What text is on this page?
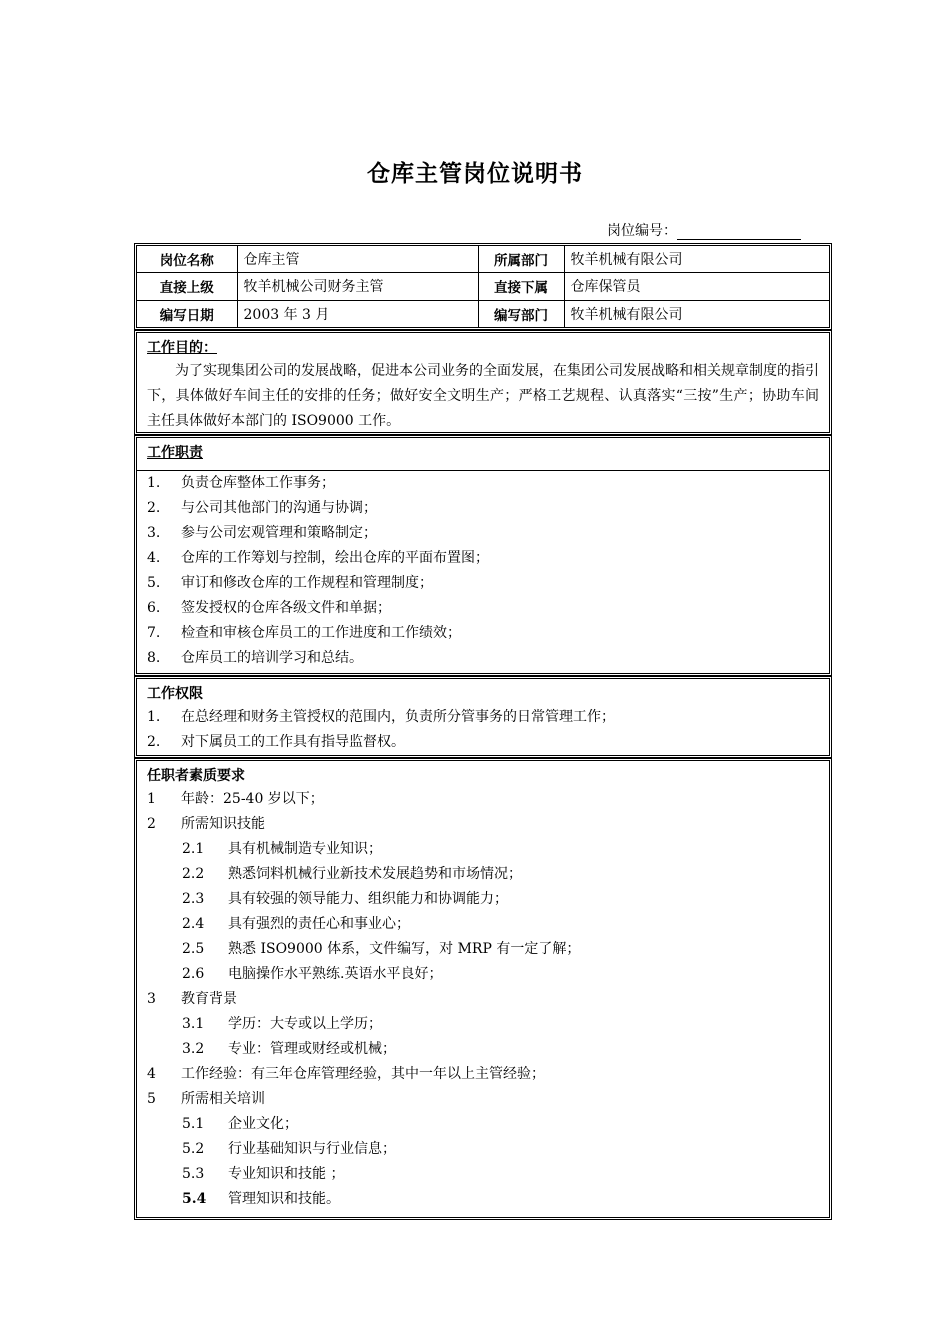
仓库主管岗位说明书
岗位编号：
岗位名称	仓库主管	所属部门	牧羊机械有限公司
直接上级	牧羊机械公司财务主管	直接下属	仓库保管员
编写日期	2003 年 3 月	编写部门	牧羊机械有限公司
工作目的：
为了实现集团公司的发展战略，促进本公司业务的全面发展，在集团公司发展战略和相关规章制度的指引下，具体做好车间主任的安排的任务；做好安全文明生产；严格工艺规程、认真落实“三按”生产；协助车间主任具体做好本部门的 ISO9000 工作。
工作职责
1.	负责仓库整体工作事务；
2.	与公司其他部门的沟通与协调；
3.	参与公司宏观管理和策略制定；
4.	仓库的工作筹划与控制，绘出仓库的平面布置图；
5.	审订和修改仓库的工作规程和管理制度；
6.	签发授权的仓库各级文件和单据；
7.	检查和审核仓库员工的工作进度和工作绩效；
8.	仓库员工的培训学习和总结。
工作权限
1.	在总经理和财务主管授权的范围内，负责所分管事务的日常管理工作；
2.	对下属员工的工作具有指导监督权。
任职者素质要求
1	年龄：25-40 岁以下；
2	所需知识技能
2.1	具有机械制造专业知识；
2.2	熟悉饲料机械行业新技术发展趋势和市场情况；
2.3	具有较强的领导能力、组织能力和协调能力；
2.4	具有强烈的责任心和事业心；
2.5	熟悉 ISO9000 体系，文件编写，对 MRP 有一定了解；
2.6	电脑操作水平熟练.英语水平良好；
3	教育背景
3.1	学历：大专或以上学历；
3.2	专业：管理或财经或机械；
4	工作经验：有三年仓库管理经验，其中一年以上主管经验；
5	所需相关培训
5.1	企业文化；
5.2	行业基础知识与行业信息；
5.3	专业知识和技能 ；
5.4	管理知识和技能。
